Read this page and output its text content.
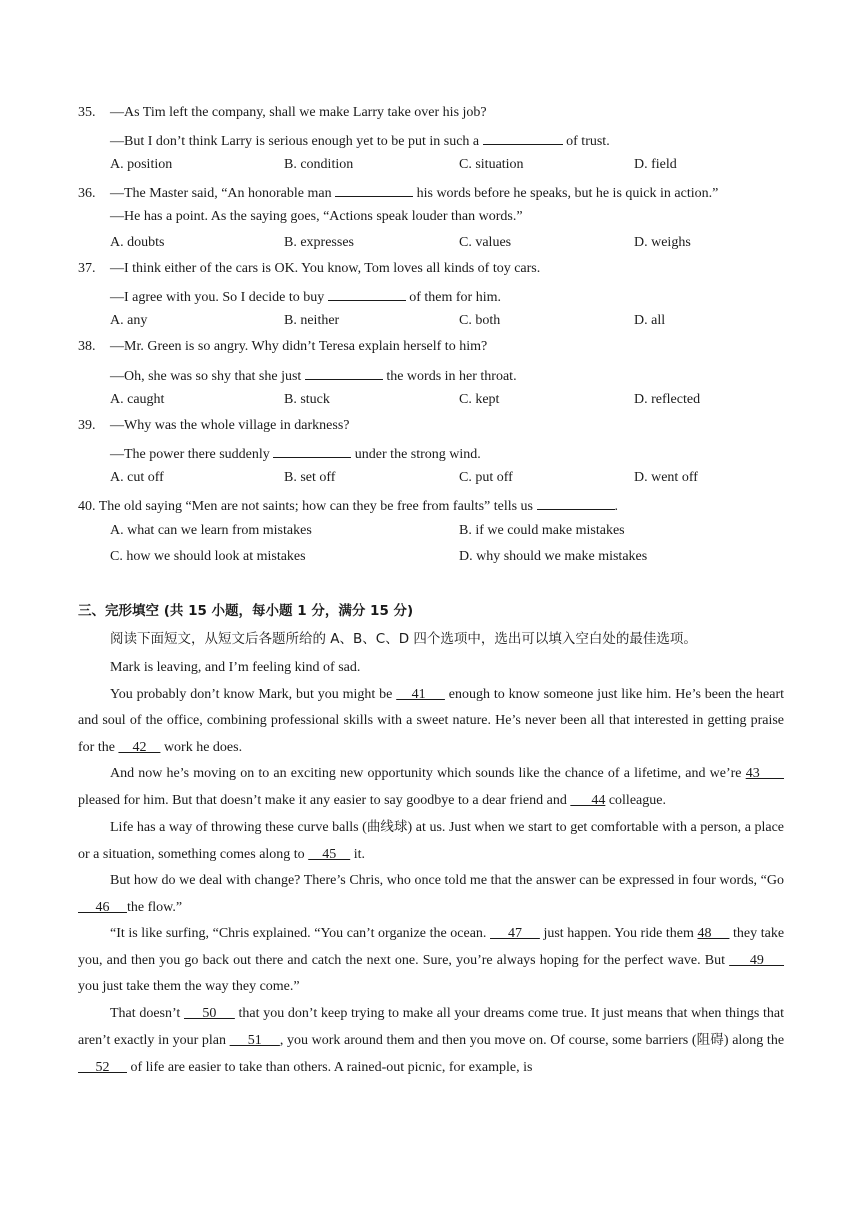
35. —As Tim left the company, shall we make Larry take over his job?
—But I don’t think Larry is serious enough yet to be put in such a	of trust.
A. position	B. condition	C. situation	D. field
36. —The Master said, “An honorable man	his words before he speaks, but he is quick in action.”
—He has a point. As the saying goes, “Actions speak louder than words.”
A. doubts	B. expresses	C. values	D. weighs
37. —I think either of the cars is OK. You know, Tom loves all kinds of toy cars.
—I agree with you. So I decide to buy	of them for him.
A. any	B. neither	C. both	D. all
38. —Mr. Green is so angry. Why didn’t Teresa explain herself to him?
—Oh, she was so shy that she just	the words in her throat.
A. caught	B. stuck	C. kept	D. reflected
39. —Why was the whole village in darkness?
—The power there suddenly	under the strong wind.
A. cut off	B. set off	C. put off	D. went off
40. The old saying “Men are not saints; how can they be free from faults” tells us	.
A. what can we learn from mistakes	B. if we could make mistakes
C. how we should look at mistakes	D. why should we make mistakes
三、完形填空 (共 15 小题，每小题 1 分，满分 15 分)
阅读下面短文，从短文后各题所给的 A、B、C、D 四个选项中，选出可以填入空白处的最佳选项。

Mark is leaving, and I’m feeling kind of sad.

You probably don’t know Mark, but you might be     41      enough to know someone just like him. He’s been the heart and soul of the office, combining professional skills with a sweet nature. He’s never been all that interested in getting praise for the     42     work he does.

And now he’s moving on to an exciting new opportunity which sounds like the chance of a lifetime, and we’re 43       pleased for him. But that doesn’t make it any easier to say goodbye to a dear friend and       44 colleague.

Life has a way of throwing these curve balls (曲线球) at us. Just when we start to get comfortable with a person, a place or a situation, something comes along to     45     it.

But how do we deal with change? There’s Chris, who once told me that the answer can be expressed in four words, “Go     46     the flow.”

“It is like surfing, “Chris explained. “You can’t organize the ocean.      47      just happen. You ride them 48      they take you, and then you go back out there and catch the next one. Sure, you’re always hoping for the perfect wave. But      49      you just take them the way they come.”

That doesn’t      50      that you don’t keep trying to make all your dreams come true. It just means that when things that aren’t exactly in your plan      51     , you work around them and then you move on. Of course, some barriers (阻碍) along the      52      of life are easier to take than others. A rained-out picnic, for example, is
